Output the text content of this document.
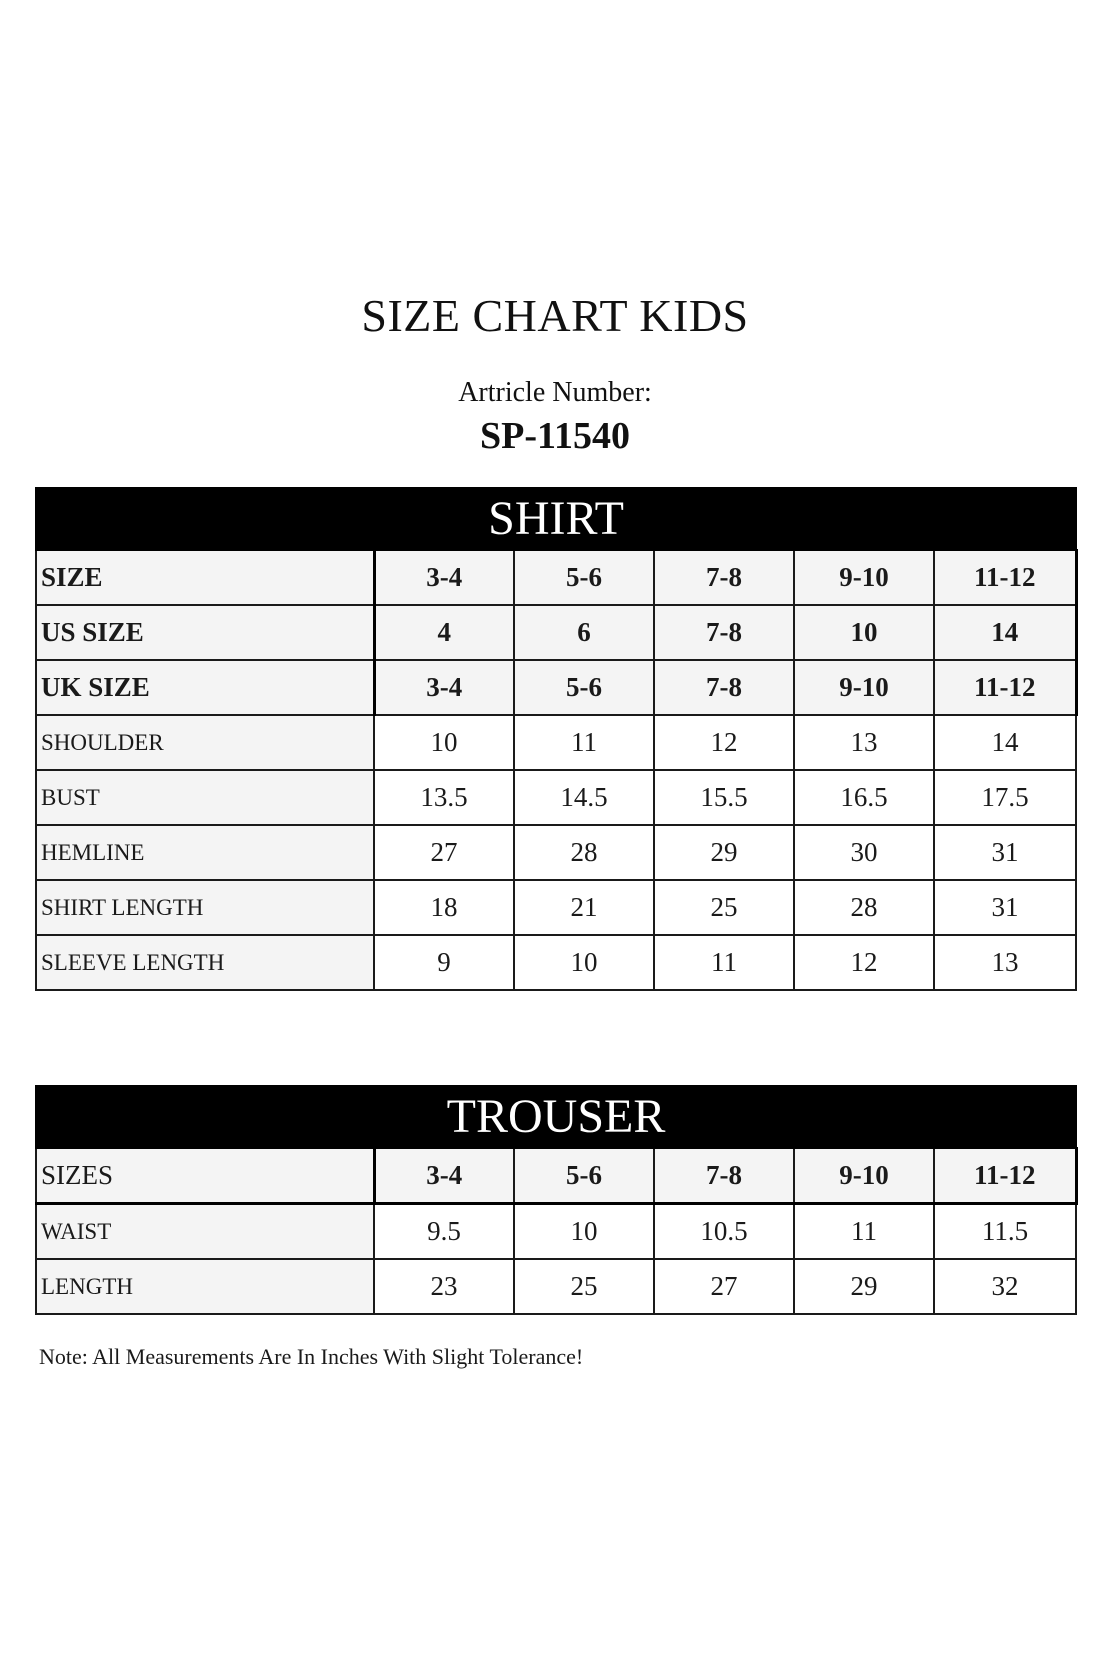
SIZE CHART KIDS
Artricle Number:
SP-11540
SHIRT					
SIZE	3-4	5-6	7-8	9-10	11-12
US SIZE	4	6	7-8	10	14
UK SIZE	3-4	5-6	7-8	9-10	11-12
SHOULDER	10	11	12	13	14
BUST	13.5	14.5	15.5	16.5	17.5
HEMLINE	27	28	29	30	31
SHIRT LENGTH	18	21	25	28	31
SLEEVE LENGTH	9	10	11	12	13
TROUSER					
SIZES	3-4	5-6	7-8	9-10	11-12
WAIST	9.5	10	10.5	11	11.5
LENGTH	23	25	27	29	32
Note: All Measurements Are In Inches With Slight Tolerance!
